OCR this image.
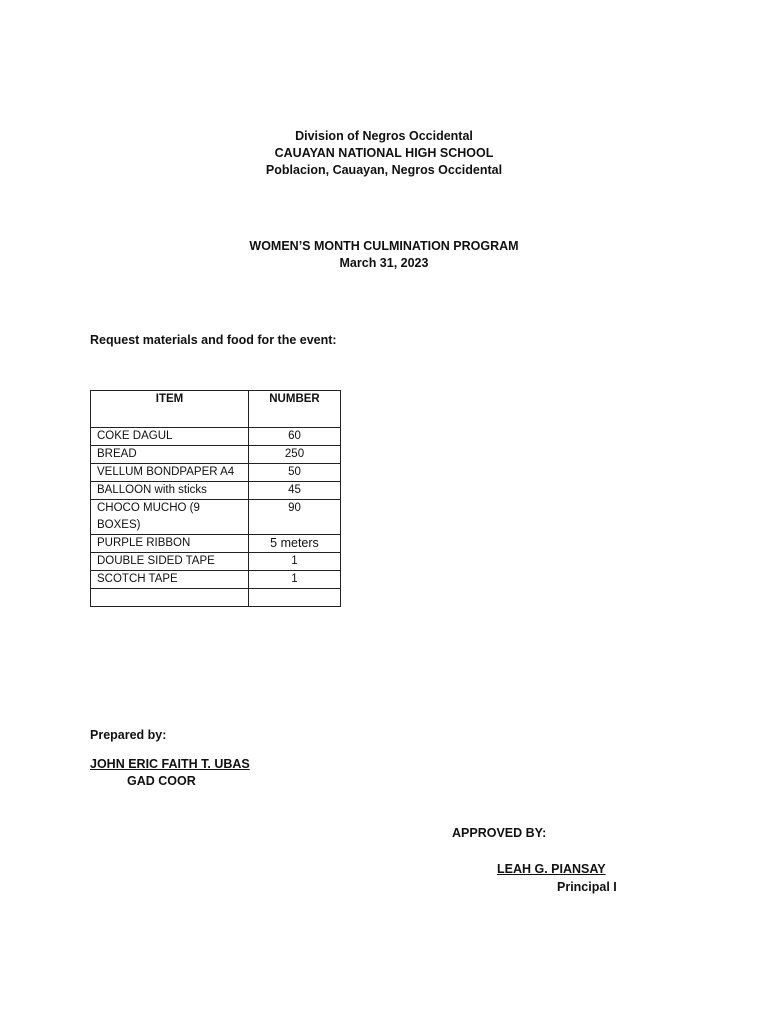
Division of Negros Occidental
CAUAYAN NATIONAL HIGH SCHOOL
Poblacion, Cauayan, Negros Occidental
WOMEN’S MONTH CULMINATION PROGRAM
March 31, 2023
Request materials and food for the event:
ITEM	NUMBER
COKE DAGUL	60
BREAD	250
VELLUM BONDPAPER A4	50
BALLOON with sticks	45
CHOCO MUCHO (9 BOXES)	90
PURPLE RIBBON	5 meters
DOUBLE SIDED TAPE	1
SCOTCH TAPE	1

Prepared by:
JOHN ERIC FAITH T. UBAS
GAD COOR
APPROVED BY:
LEAH G. PIANSAY
Principal I
